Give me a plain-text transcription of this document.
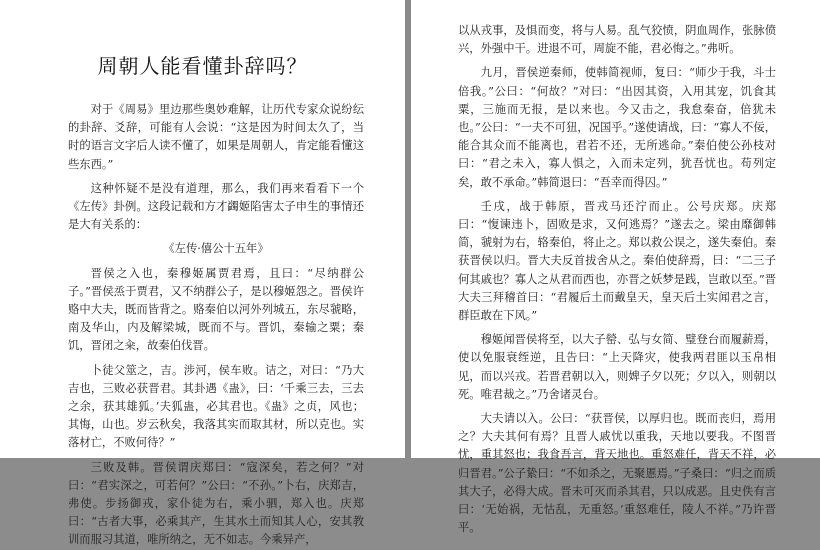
周朝人能看懂卦辞吗？

对于《周易》里边那些奥妙难解，让历代专家众说纷纭的卦辞、爻辞，可能有人会说：“这是因为时间太久了，当时的语言文字后人读不懂了，如果是周朝人，肯定能看懂这些东西。”

这种怀疑不是没有道理，那么，我们再来看看下一个《左传》卦例。这段记载和方才蠲姬陷害太子申生的事情还是大有关系的：

《左传·僖公十五年》

晋侯之入也，秦穆姬属贾君焉，且曰：“尽纳群公子。”晋侯烝于贾君，又不纳群公子，是以穆姬怨之。晋侯许赂中大夫，既而皆背之。赂秦伯以河外列城五，东尽虢略，南及华山，内及解梁城，既而不与。晋饥，秦输之粟；秦饥，晋闭之籴，故秦伯伐晋。

卜徒父筮之，吉。涉河，侯车败。诘之，对曰：“乃大吉也，三败必获晋君。其卦遇《蛊》，曰：‘千乘三去，三去之余，获其雄狐。’夫狐蛊，必其君也。《蛊》之贞，风也；其悔，山也。岁云秋矣，我落其实而取其材，所以克也。实落材亡，不败何待？”

三败及韩。晋侯谓庆郑曰：“寇深矣，若之何？”对曰：“君实深之，可若何？”公曰：“不孙。”卜右，庆郑吉，弗使。步扬御戎，家仆徒为右，乘小驷，郑入也。庆郑曰：“古者大事，必乘其产，生其水土而知其人心，安其教训而服习其道，唯所纳之，无不如志。今乘异产，

以从戎事，及惧而变，将与人易。乱气狡愤，阴血周作，张脉偾兴，外强中干。进退不可，周旋不能，君必悔之。”弗听。

九月，晋侯逆秦师，使韩简视师，复曰：“师少于我，斗士倍我。”公曰：“何故？”对曰：“出因其资，入用其宠，饥食其粟，三施而无报，是以来也。今又击之，我怠秦奋，倍犹未也。”公曰：“一夫不可狃，况国乎。”遂使请战，曰：“寡人不佞，能合其众而不能离也，君若不还，无所逃命。”秦伯使公孙枝对曰：“君之未入，寡人惧之，入而未定列，犹吾忧也。苟列定矣，敢不承命。”韩简退曰：“吾幸而得囚。”

壬戌，战于韩原，晋戎马还泞而止。公号庆郑。庆郑曰：“愎谏违卜，固败是求，又何逃焉？”遂去之。梁由靡御韩简，虢射为右，辂秦伯，将止之。郑以救公误之，遂失秦伯。秦获晋侯以归。晋大夫反首拔舍从之。秦伯使辞焉，曰：“二三子何其戚也？寡人之从君而西也，亦晋之妖梦是践，岂敢以至。”晋大夫三拜稽首曰：“君履后土而戴皇天，皇天后土实闻君之言，群臣敢在下风。”

穆姬闻晋侯将至，以大子罃、弘与女简、璧登台而履薪焉，使以免服衰绖逆，且告曰：“上天降灾，使我两君匪以玉帛相见，而以兴戎。若晋君朝以入，则婢子夕以死；夕以入，则朝以死。唯君裁之。”乃舍诸灵台。

大夫请以入。公曰：“获晋侯，以厚归也。既而丧归，焉用之？大夫其何有焉？且晋人戚忧以重我，天地以要我。不图晋忧，重其怒也；我食吾言，背天地也。重怒难任，背天不祥，必归晋君。”公子絷曰：“不如杀之，无聚慝焉。”子桑曰：“归之而质其大子，必得大成。晋未可灭而杀其君，只以成恶。且史佚有言曰：‘无始祸，无怙乱，无重怒。’重怒难任，陵人不祥。”乃许晋平。
